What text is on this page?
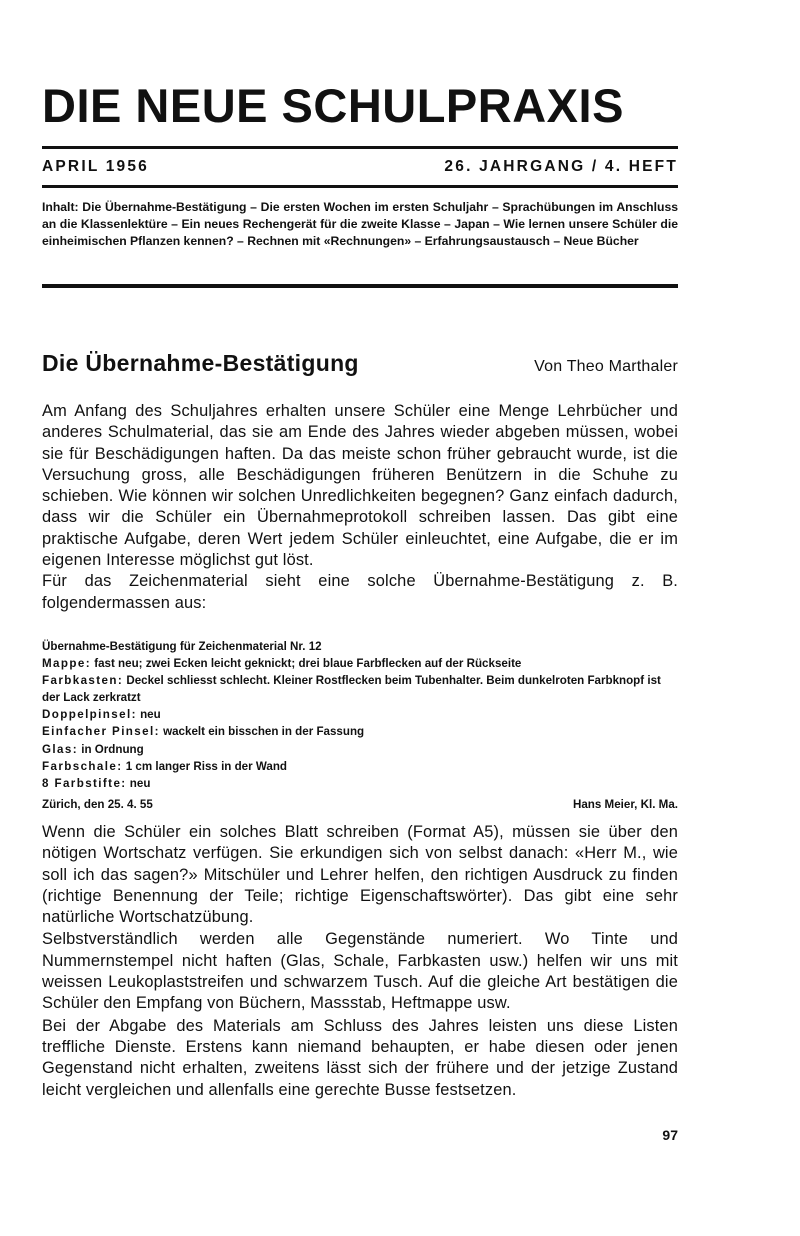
DIE NEUE SCHULPRAXIS
APRIL 1956	26. JAHRGANG / 4. HEFT
Inhalt: Die Übernahme-Bestätigung – Die ersten Wochen im ersten Schuljahr – Sprachübungen im Anschluss an die Klassenlektüre – Ein neues Rechengerät für die zweite Klasse – Japan – Wie lernen unsere Schüler die einheimischen Pflanzen kennen? – Rechnen mit «Rechnungen» – Erfahrungsaustausch – Neue Bücher
Die Übernahme-Bestätigung	Von Theo Marthaler

Am Anfang des Schuljahres erhalten unsere Schüler eine Menge Lehrbücher und anderes Schulmaterial, das sie am Ende des Jahres wieder abgeben müssen, wobei sie für Beschädigungen haften. Da das meiste schon früher gebraucht wurde, ist die Versuchung gross, alle Beschädigungen früheren Benützern in die Schuhe zu schieben. Wie können wir solchen Unredlichkeiten begegnen? Ganz einfach dadurch, dass wir die Schüler ein Übernahmeprotokoll schreiben lassen. Das gibt eine praktische Aufgabe, deren Wert jedem Schüler einleuchtet, eine Aufgabe, die er im eigenen Interesse möglichst gut löst.

Für das Zeichenmaterial sieht eine solche Übernahme-Bestätigung z. B. folgendermassen aus:

Übernahme-Bestätigung für Zeichenmaterial Nr. 12

Mappe: fast neu; zwei Ecken leicht geknickt; drei blaue Farbflecken auf der Rückseite

Farbkasten: Deckel schliesst schlecht. Kleiner Rostflecken beim Tubenhalter. Beim dunkelroten Farbknopf ist der Lack zerkratzt

Doppelpinsel: neu

Einfacher Pinsel: wackelt ein bisschen in der Fassung

Glas: in Ordnung

Farbschale: 1 cm langer Riss in der Wand

8 Farbstifte: neu

Zürich, den 25. 4. 55	Hans Meier, Kl. Ma.

Wenn die Schüler ein solches Blatt schreiben (Format A5), müssen sie über den nötigen Wortschatz verfügen. Sie erkundigen sich von selbst danach: «Herr M., wie soll ich das sagen?» Mitschüler und Lehrer helfen, den richtigen Ausdruck zu finden (richtige Benennung der Teile; richtige Eigenschaftswörter). Das gibt eine sehr natürliche Wortschatzübung.

Selbstverständlich werden alle Gegenstände numeriert. Wo Tinte und Nummernstempel nicht haften (Glas, Schale, Farbkasten usw.) helfen wir uns mit weissen Leukoplaststreifen und schwarzem Tusch. Auf die gleiche Art bestätigen die Schüler den Empfang von Büchern, Massstab, Heftmappe usw.

Bei der Abgabe des Materials am Schluss des Jahres leisten uns diese Listen treffliche Dienste. Erstens kann niemand behaupten, er habe diesen oder jenen Gegenstand nicht erhalten, zweitens lässt sich der frühere und der jetzige Zustand leicht vergleichen und allenfalls eine gerechte Busse festsetzen.

97
